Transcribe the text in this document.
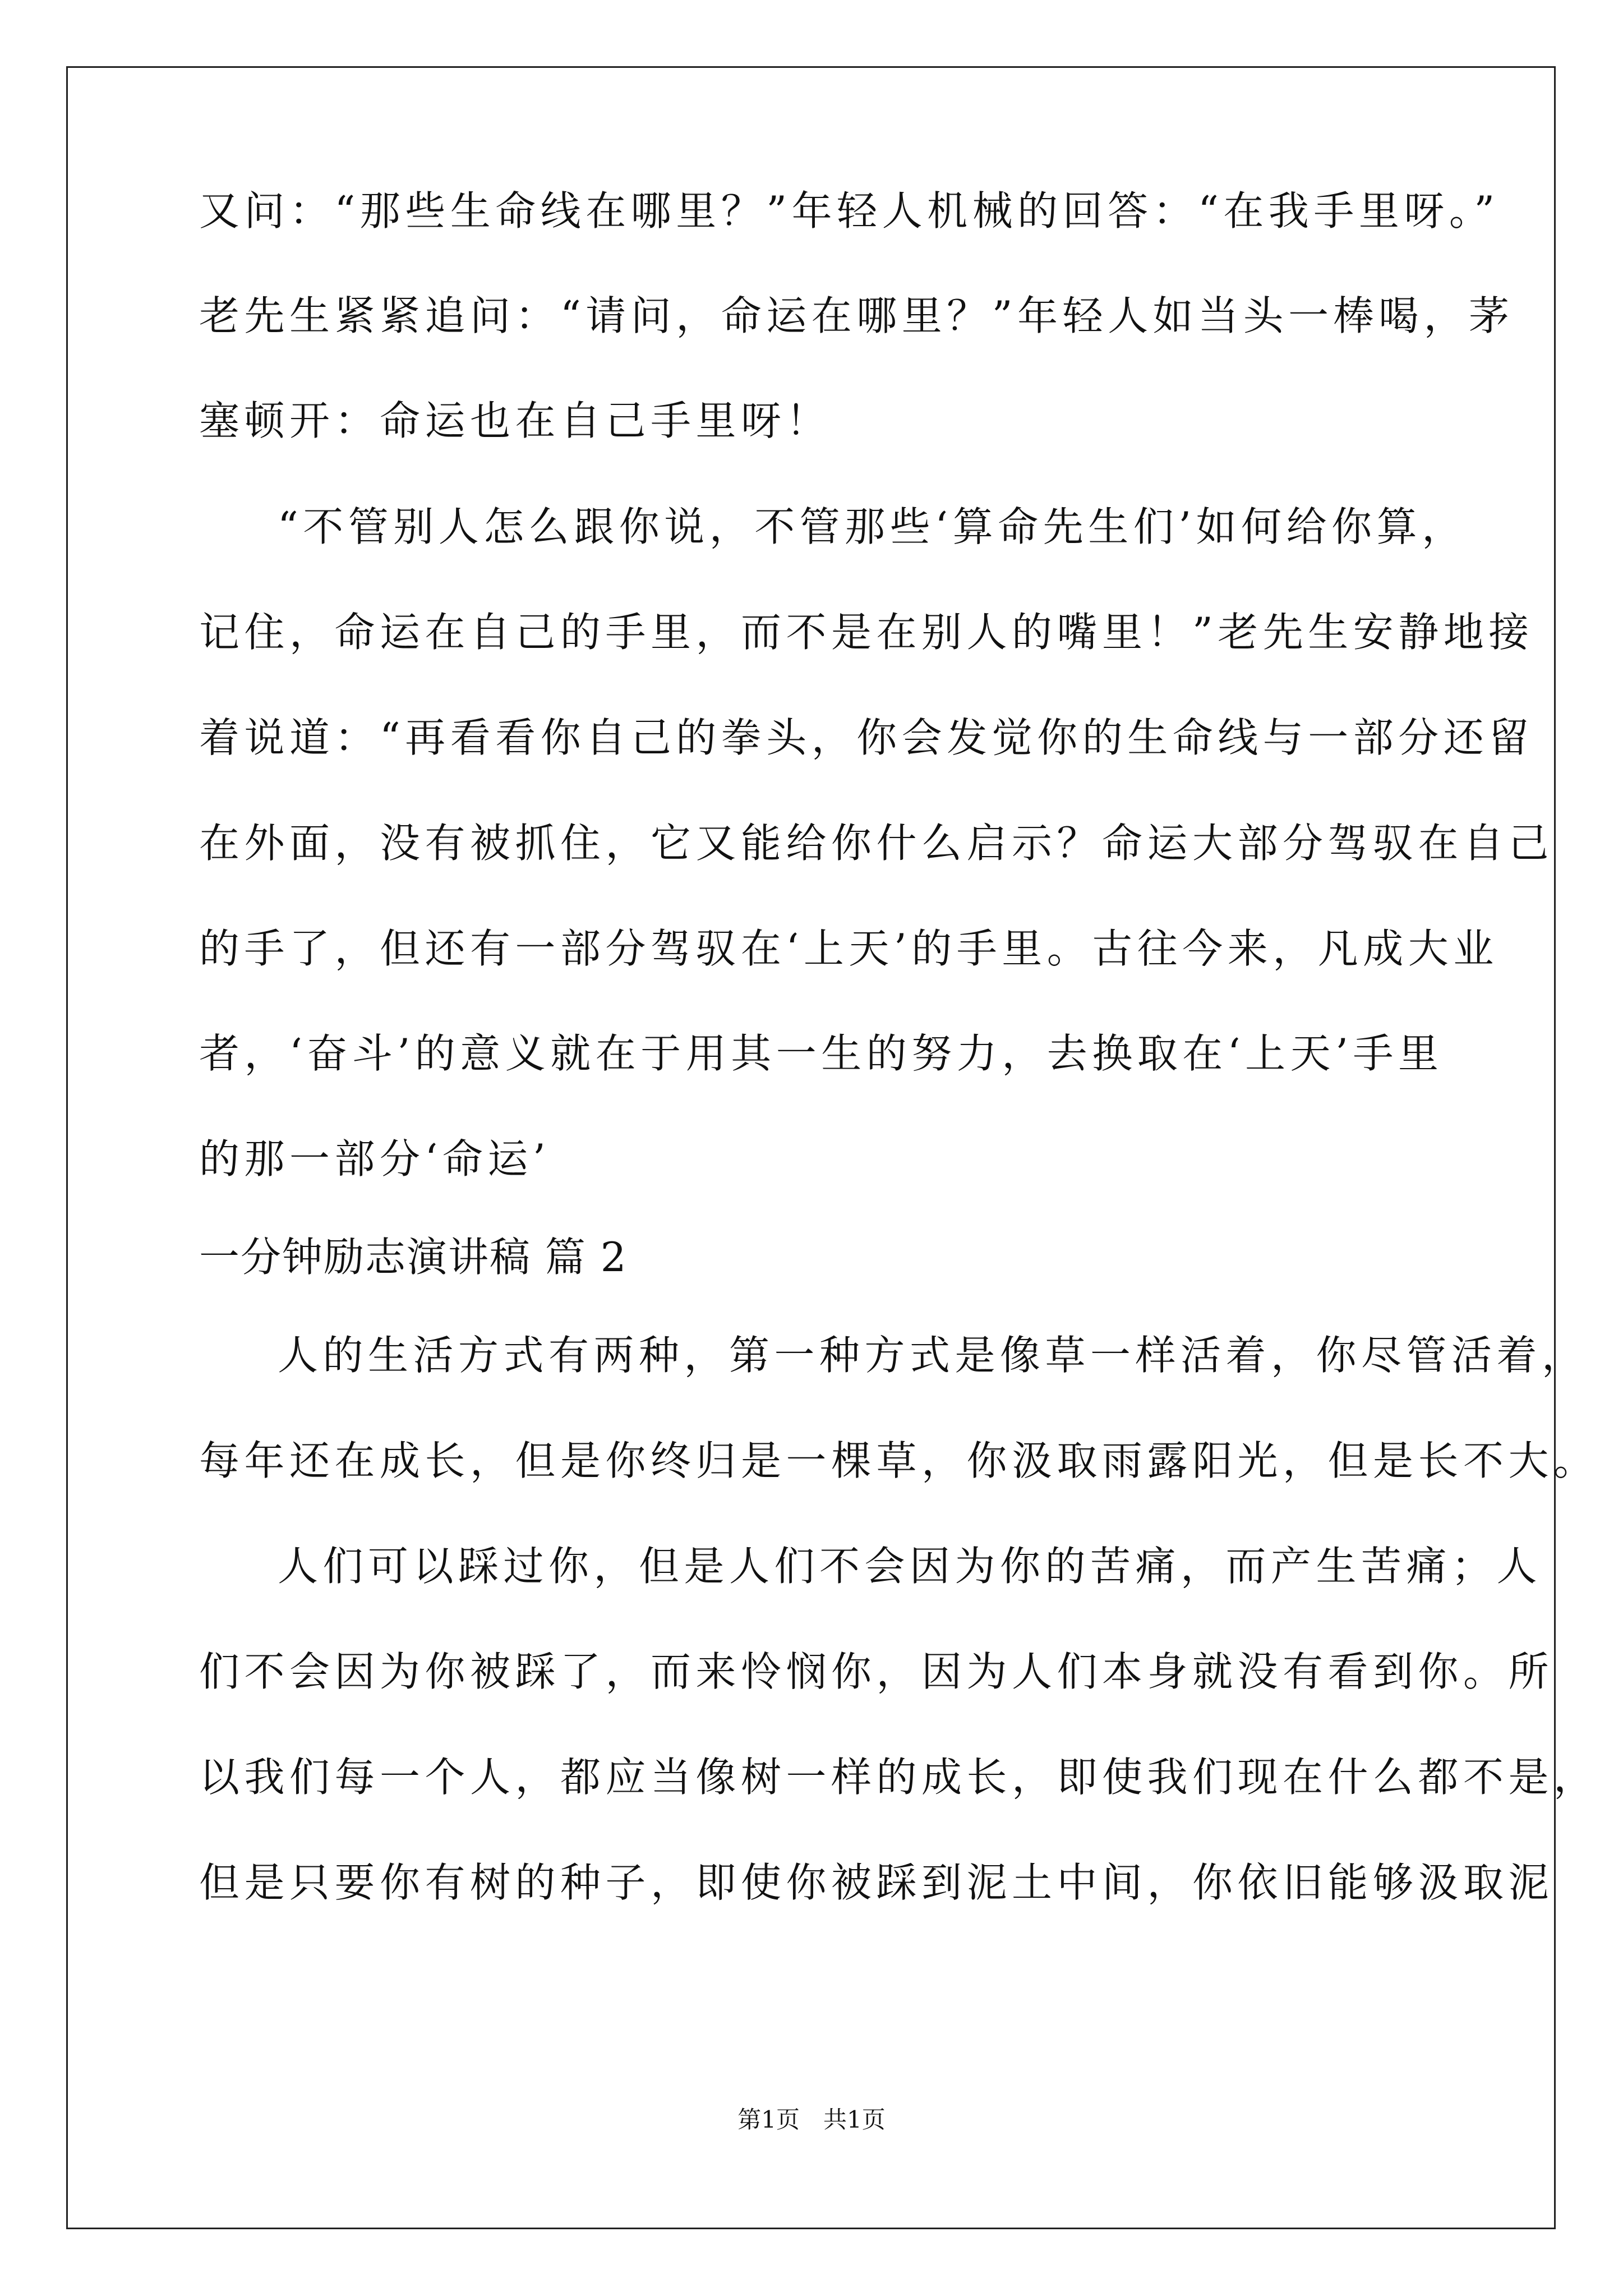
又问：“那些生命线在哪里？”年轻人机械的回答：“在我手里呀。”
老先生紧紧追问：“请问，命运在哪里？”年轻人如当头一棒喝，茅
塞顿开：命运也在自己手里呀！
“不管别人怎么跟你说，不管那些‘算命先生们’如何给你算，
记住，命运在自己的手里，而不是在别人的嘴里！”老先生安静地接
着说道：“再看看你自己的拳头，你会发觉你的生命线与一部分还留
在外面，没有被抓住，它又能给你什么启示？命运大部分驾驭在自己
的手了，但还有一部分驾驭在‘上天’的手里。古往今来，凡成大业
者，‘奋斗’的意义就在于用其一生的努力，去换取在‘上天’手里
的那一部分‘命运’
一分钟励志演讲稿 篇 2
人的生活方式有两种，第一种方式是像草一样活着，你尽管活着，
每年还在成长，但是你终归是一棵草，你汲取雨露阳光，但是长不大。
人们可以踩过你，但是人们不会因为你的苦痛，而产生苦痛；人
们不会因为你被踩了，而来怜悯你，因为人们本身就没有看到你。所
以我们每一个人，都应当像树一样的成长，即使我们现在什么都不是，
但是只要你有树的种子，即使你被踩到泥土中间，你依旧能够汲取泥
第1页　共1页
